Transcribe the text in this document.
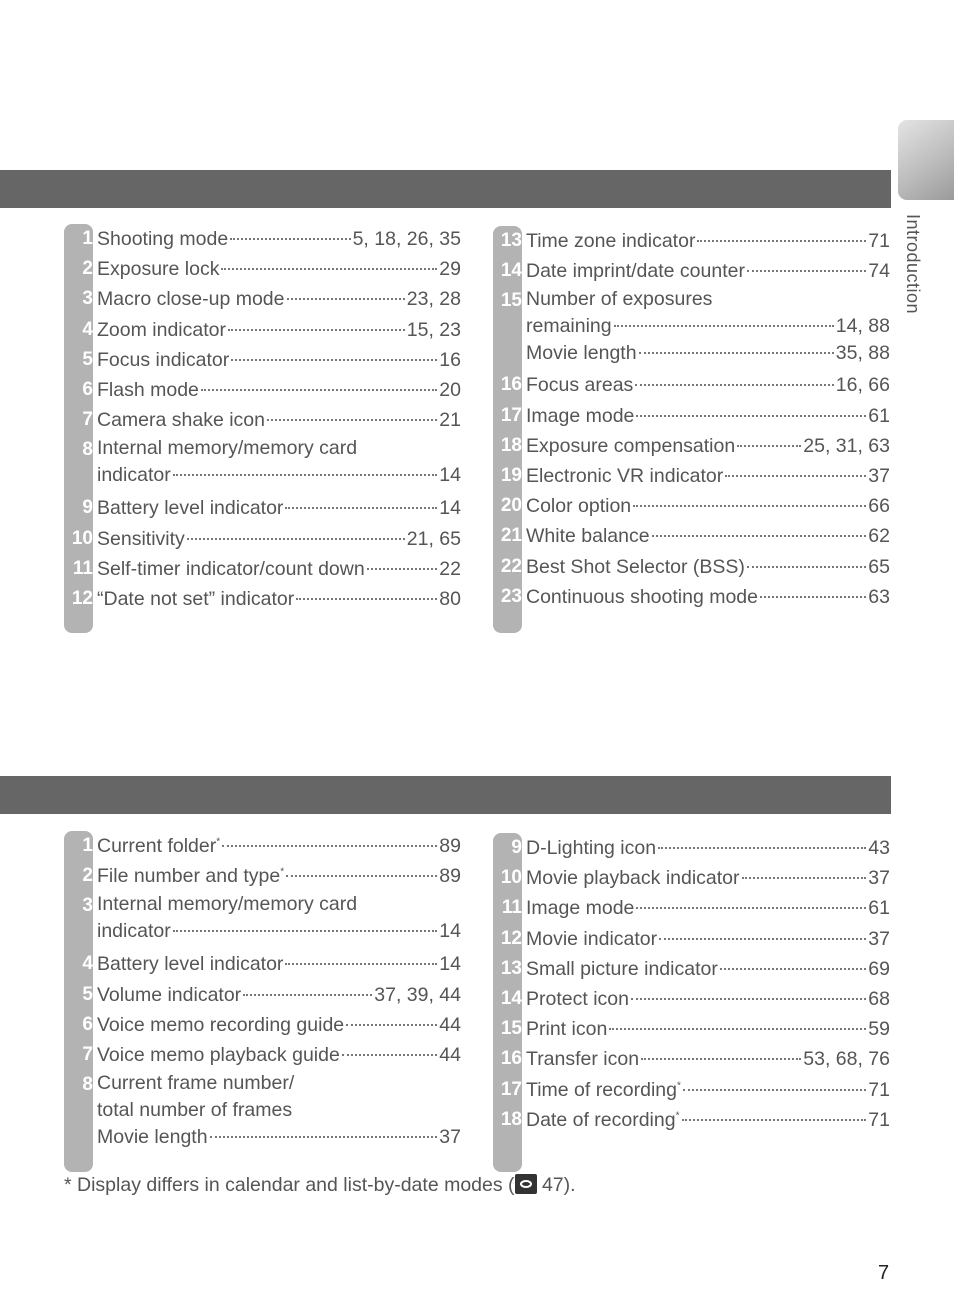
Introduction
1 Shooting mode	5, 18, 26, 35
2 Exposure lock	29
3 Macro close-up mode	23, 28
4 Zoom indicator	15, 23
5 Focus indicator	16
6 Flash mode	20
7 Camera shake icon	21
8 Internal memory/memory card
indicator	14
9 Battery level indicator	14
10 Sensitivity	21, 65
11 Self-timer indicator/count down	22
12 “Date not set” indicator	80
13 Time zone indicator	71
14 Date imprint/date counter	74
15 Number of exposures
remaining	14, 88
Movie length	35, 88
16 Focus areas	16, 66
17 Image mode	61
18 Exposure compensation	25, 31, 63
19 Electronic VR indicator	37
20 Color option	66
21 White balance	62
22 Best Shot Selector (BSS)	65
23 Continuous shooting mode	63
1 Current folder*	89
2 File number and type*	89
3 Internal memory/memory card
indicator	14
4 Battery level indicator	14
5 Volume indicator	37, 39, 44
6 Voice memo recording guide	44
7 Voice memo playback guide	44
8 Current frame number/
total number of frames
Movie length	37
9 D-Lighting icon	43
10 Movie playback indicator	37
11 Image mode	61
12 Movie indicator	37
13 Small picture indicator	69
14 Protect icon	68
15 Print icon	59
16 Transfer icon	53, 68, 76
17 Time of recording*	71
18 Date of recording*	71
* Display differs in calendar and list-by-date modes ( 47).
7
